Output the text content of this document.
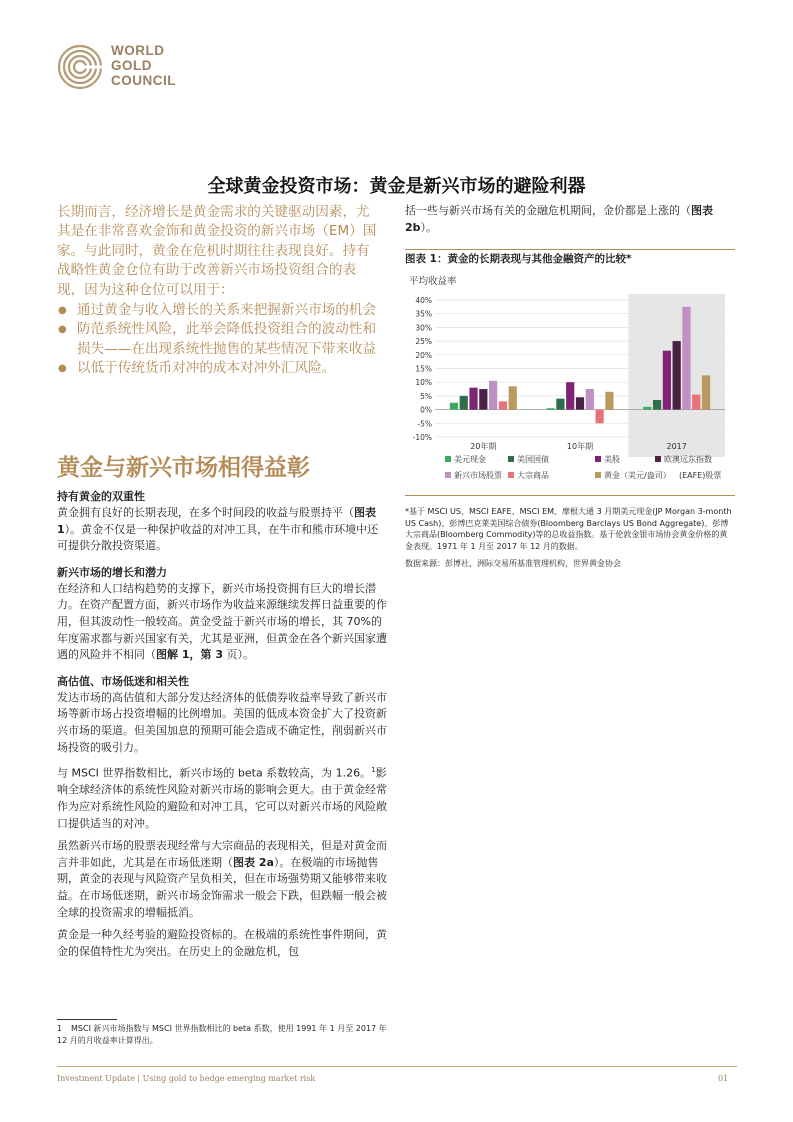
WORLD
GOLD
COUNCIL
全球黄金投资市场：黄金是新兴市场的避险利器

长期而言，经济增长是黄金需求的关键驱动因素，尤其是在非常喜欢金饰和黄金投资的新兴市场（EM）国家。与此同时，黄金在危机时期往往表现良好。持有战略性黄金仓位有助于改善新兴市场投资组合的表现，因为这种仓位可以用于：

● 通过黄金与收入增长的关系来把握新兴市场的机会
● 防范系统性风险，此举会降低投资组合的波动性和损失——在出现系统性抛售的某些情况下带来收益
● 以低于传统货币对冲的成本对冲外汇风险。
黄金与新兴市场相得益彰
持有黄金的双重性

黄金拥有良好的长期表现，在多个时间段的收益与股票持平（图表 1）。黄金不仅是一种保护收益的对冲工具，在牛市和熊市环境中还可提供分散投资渠道。

新兴市场的增长和潜力

在经济和人口结构趋势的支撑下，新兴市场投资拥有巨大的增长潜力。在资产配置方面，新兴市场作为收益来源继续发挥日益重要的作用，但其波动性一般较高。黄金受益于新兴市场的增长，其 70%的年度需求都与新兴国家有关，尤其是亚洲，但黄金在各个新兴国家遭遇的风险并不相同（图解 1，第 3 页）。

高估值、市场低迷和相关性

发达市场的高估值和大部分发达经济体的低债券收益率导致了新兴市场等新市场占投资增幅的比例增加。美国的低成本资金扩大了投资新兴市场的渠道。但美国加息的预期可能会造成不确定性，削弱新兴市场投资的吸引力。

与 MSCI 世界指数相比，新兴市场的 beta 系数较高，为 1.26。$^1$影响全球经济体的系统性风险对新兴市场的影响会更大。由于黄金经常作为应对系统性风险的避险和对冲工具，它可以对新兴市场的风险敞口提供适当的对冲。

虽然新兴市场的股票表现经常与大宗商品的表现相关，但是对黄金而言并非如此，尤其是在市场低迷期（图表 2a）。在极端的市场抛售期，黄金的表现与风险资产呈负相关，但在市场强势期又能够带来收益。在市场低迷期，新兴市场金饰需求一般会下跌，但跌幅一般会被全球的投资需求的增幅抵消。

黄金是一种久经考验的避险投资标的。在极端的系统性事件期间，黄金的保值特性尤为突出。在历史上的金融危机，包

1 MSCI 新兴市场指数与 MSCI 世界指数相比的 beta 系数，使用 1991 年 1 月至 2017 年 12 月的月收益率计算得出。

括一些与新兴市场有关的金融危机期间，金价都是上涨的（图表 2b）。

图表 1：黄金的长期表现与其他金融资产的比较*
平均收益率
-10%
-5%
0%
5%
10%
15%
20%
25%
30%
35%
40%
20年期	10年期	2017
美元现金	美国国债	美股	欧澳远东指数
新兴市场股票 大宗商品	黄金（美元/盎司） (EAFE)股票

*基于 MSCI US、MSCI EAFE、MSCI EM、摩根大通 3 月期美元现金(JP Morgan 3-month US Cash)、彭博巴克莱美国综合债券(Bloomberg Barclays US Bond Aggregate)、彭博大宗商品(Bloomberg Commodity)等的总收益指数。基于伦敦金银市场协会黄金价格的黄金表现。1971 年 1 月至 2017 年 12 月的数据。

数据来源：彭博社，洲际交易所基准管理机构，世界黄金协会

Investment Update | Using gold to hedge emerging market risk	01
